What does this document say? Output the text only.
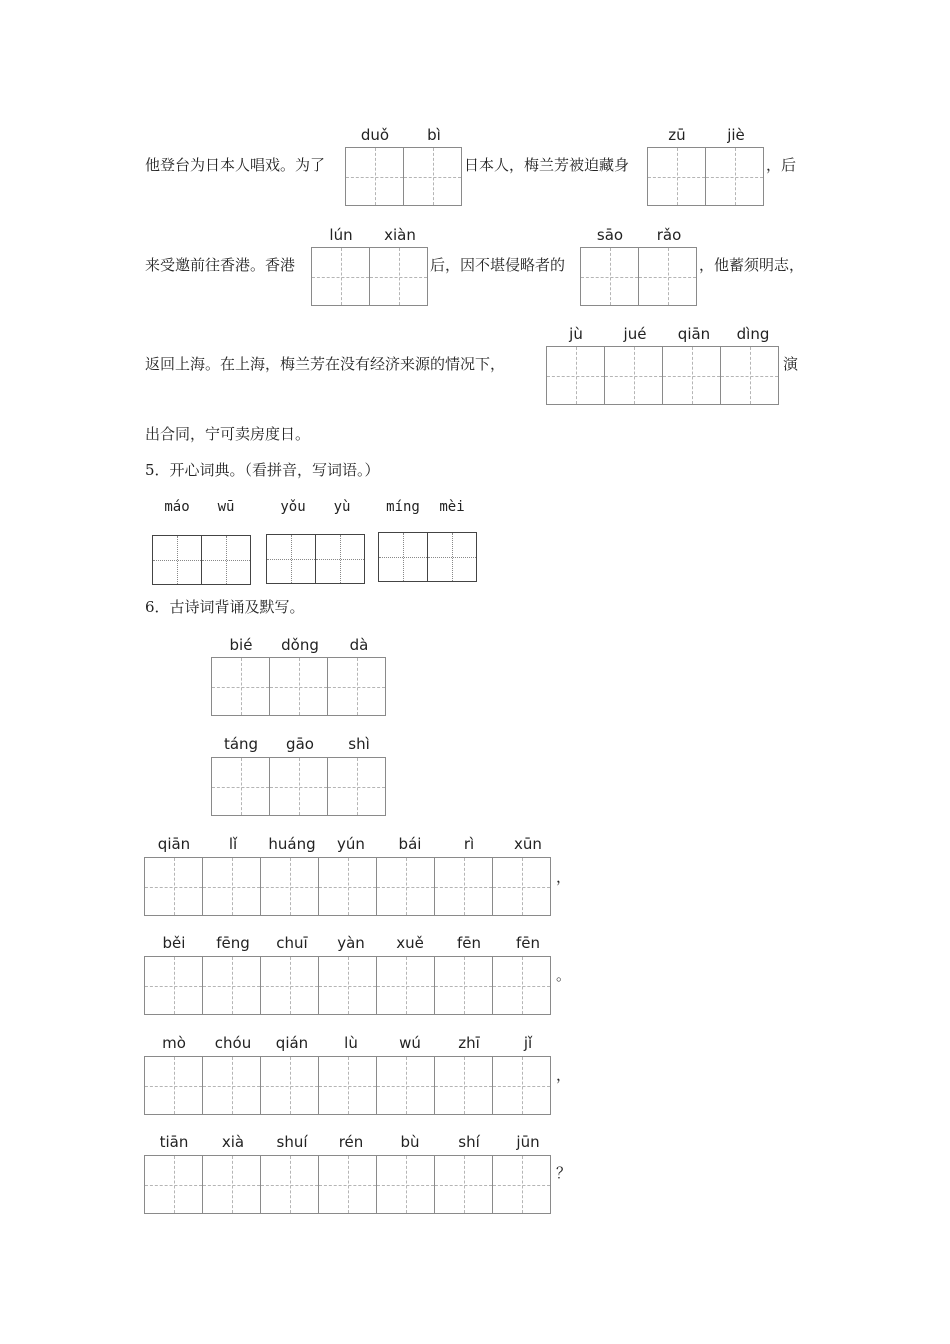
他登台为日本人唱戏。为了
duǒ	bì
日本人，梅兰芳被迫藏身
zū	jiè
，后
来受邀前往香港。香港
lún	xiàn
后，因不堪侵略者的
sāo	rǎo
，他蓄须明志，
返回上海。在上海，梅兰芳在没有经济来源的情况下，
jù	jué	qiān	dìng
演
出合同，宁可卖房度日。
5．开心词典。（看拼音，写词语。）
máo	wū	yǒu	yù	míng	mèi
6．古诗词背诵及默写。
bié	dǒng	dà
táng	gāo	shì
qiān	lǐ	huáng	yún	bái	rì	xūn
，
běi	fēng	chuī	yàn	xuě	fēn	fēn
。
mò	chóu	qián	lù	wú	zhī	jǐ
，
tiān	xià	shuí	rén	bù	shí	jūn
？
